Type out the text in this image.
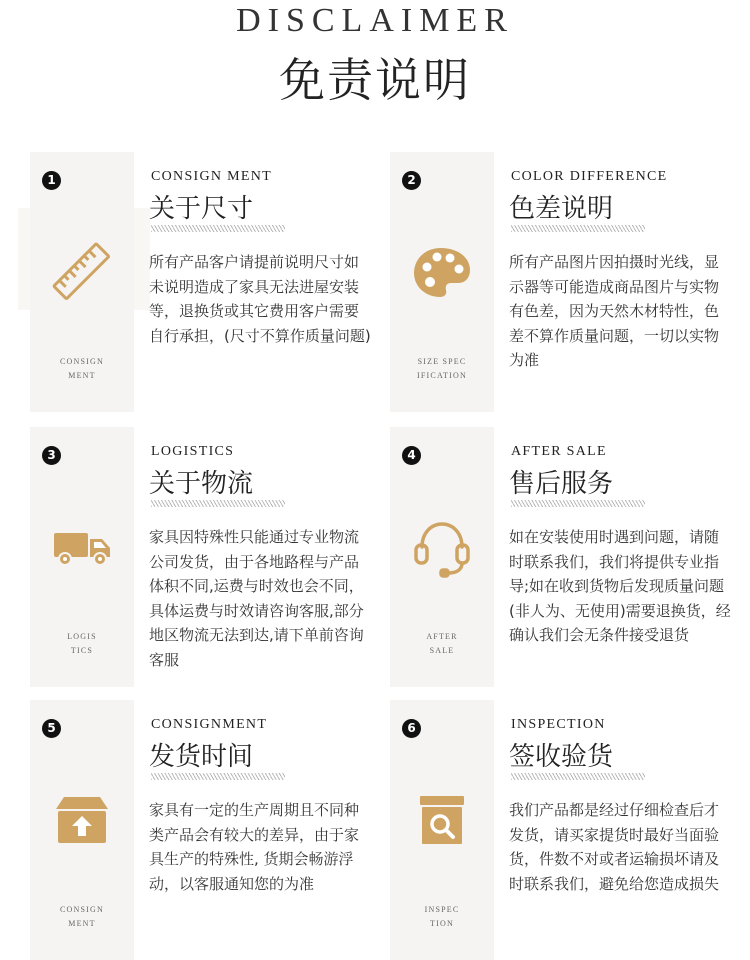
DISCLAIMER
免责说明
1
CONSIGN
MENT
CONSIGN MENT
关于尺寸
所有产品客户请提前说明尺寸如未说明造成了家具无法进屋安装等，退换货或其它费用客户需要自行承担，(尺寸不算作质量问题)
2
SIZE SPEC
IFICATION
COLOR DIFFERENCE
色差说明
所有产品图片因拍摄时光线，显示器等可能造成商品图片与实物有色差，因为天然木材特性，色差不算作质量问题，一切以实物为准
3
LOGIS
TICS
LOGISTICS
关于物流
家具因特殊性只能通过专业物流公司发货，由于各地路程与产品体积不同,运费与时效也会不同，具体运费与时效请咨询客服,部分地区物流无法到达,请下单前咨询客服
4
AFTER
SALE
AFTER SALE
售后服务
如在安装使用时遇到问题，请随时联系我们，我们将提供专业指导;如在收到货物后发现质量问题(非人为、无使用)需要退换货，经确认我们会无条件接受退货
5
CONSIGN
MENT
CONSIGNMENT
发货时间
家具有一定的生产周期且不同种类产品会有较大的差异，由于家具生产的特殊性, 货期会畅游浮动，以客服通知您的为准
6
INSPEC
TION
INSPECTION
签收验货
我们产品都是经过仔细检查后才发货，请买家提货时最好当面验货，件数不对或者运输损坏请及时联系我们，避免给您造成损失
